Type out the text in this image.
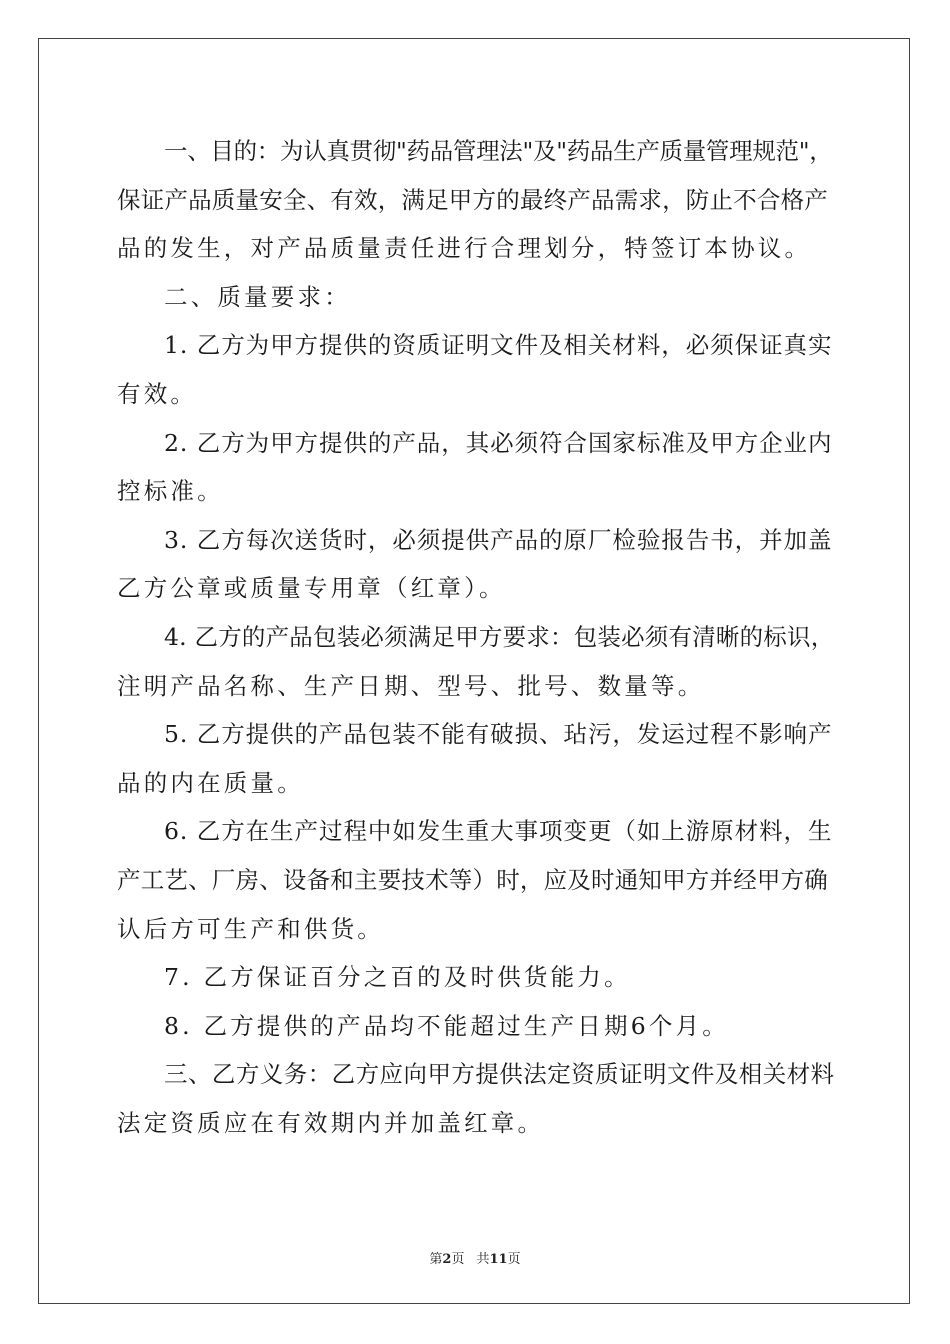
一、目的：为认真贯彻"药品管理法"及"药品生产质量管理规范"，
保证产品质量安全、有效，满足甲方的最终产品需求，防止不合格产
品的发生，对产品质量责任进行合理划分，特签订本协议。

二、质量要求：

1. 乙方为甲方提供的资质证明文件及相关材料，必须保证真实
有效。

2. 乙方为甲方提供的产品，其必须符合国家标准及甲方企业内
控标准。

3. 乙方每次送货时，必须提供产品的原厂检验报告书，并加盖
乙方公章或质量专用章（红章）。

4. 乙方的产品包装必须满足甲方要求：包装必须有清晰的标识，
注明产品名称、生产日期、型号、批号、数量等。

5. 乙方提供的产品包装不能有破损、玷污，发运过程不影响产
品的内在质量。

6. 乙方在生产过程中如发生重大事项变更（如上游原材料，生
产工艺、厂房、设备和主要技术等）时，应及时通知甲方并经甲方确
认后方可生产和供货。

7. 乙方保证百分之百的及时供货能力。

8. 乙方提供的产品均不能超过生产日期6个月。

三、乙方义务：乙方应向甲方提供法定资质证明文件及相关材料
法定资质应在有效期内并加盖红章。

第2页 共11页
